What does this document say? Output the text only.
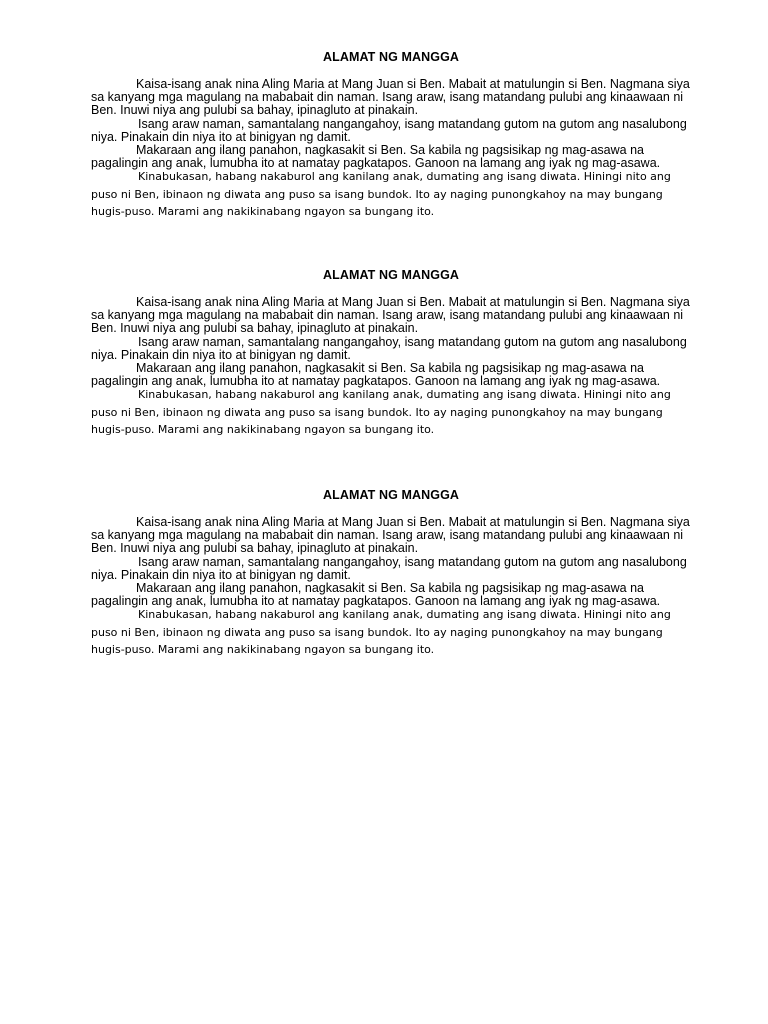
ALAMAT NG MANGGA

Kaisa-isang anak nina Aling Maria at Mang Juan si Ben. Mabait at matulungin si Ben. Nagmana siya sa kanyang mga magulang na mababait din naman. Isang araw, isang matandang pulubi ang kinaawaan ni Ben. Inuwi niya ang pulubi sa bahay, ipinagluto at pinakain.

Isang araw naman, samantalang nangangahoy, isang matandang gutom na gutom ang nasalubong niya. Pinakain din niya ito at binigyan ng damit.

Makaraan ang ilang panahon, nagkasakit si Ben. Sa kabila ng pagsisikap ng mag-asawa na pagalingin ang anak, lumubha ito at namatay pagkatapos. Ganoon na lamang ang iyak ng mag-asawa.

Kinabukasan, habang nakaburol ang kanilang anak, dumating ang isang diwata. Hiningi nito ang puso ni Ben, ibinaon ng diwata ang puso sa isang bundok. Ito ay naging punongkahoy na may bungang hugis-puso. Marami ang nakikinabang ngayon sa bungang ito.

ALAMAT NG MANGGA

Kaisa-isang anak nina Aling Maria at Mang Juan si Ben. Mabait at matulungin si Ben. Nagmana siya sa kanyang mga magulang na mababait din naman. Isang araw, isang matandang pulubi ang kinaawaan ni Ben. Inuwi niya ang pulubi sa bahay, ipinagluto at pinakain.

Isang araw naman, samantalang nangangahoy, isang matandang gutom na gutom ang nasalubong niya. Pinakain din niya ito at binigyan ng damit.

Makaraan ang ilang panahon, nagkasakit si Ben. Sa kabila ng pagsisikap ng mag-asawa na pagalingin ang anak, lumubha ito at namatay pagkatapos. Ganoon na lamang ang iyak ng mag-asawa.

Kinabukasan, habang nakaburol ang kanilang anak, dumating ang isang diwata. Hiningi nito ang puso ni Ben, ibinaon ng diwata ang puso sa isang bundok. Ito ay naging punongkahoy na may bungang hugis-puso. Marami ang nakikinabang ngayon sa bungang ito.

ALAMAT NG MANGGA

Kaisa-isang anak nina Aling Maria at Mang Juan si Ben. Mabait at matulungin si Ben. Nagmana siya sa kanyang mga magulang na mababait din naman. Isang araw, isang matandang pulubi ang kinaawaan ni Ben. Inuwi niya ang pulubi sa bahay, ipinagluto at pinakain.

Isang araw naman, samantalang nangangahoy, isang matandang gutom na gutom ang nasalubong niya. Pinakain din niya ito at binigyan ng damit.

Makaraan ang ilang panahon, nagkasakit si Ben. Sa kabila ng pagsisikap ng mag-asawa na pagalingin ang anak, lumubha ito at namatay pagkatapos. Ganoon na lamang ang iyak ng mag-asawa.

Kinabukasan, habang nakaburol ang kanilang anak, dumating ang isang diwata. Hiningi nito ang puso ni Ben, ibinaon ng diwata ang puso sa isang bundok. Ito ay naging punongkahoy na may bungang hugis-puso. Marami ang nakikinabang ngayon sa bungang ito.
